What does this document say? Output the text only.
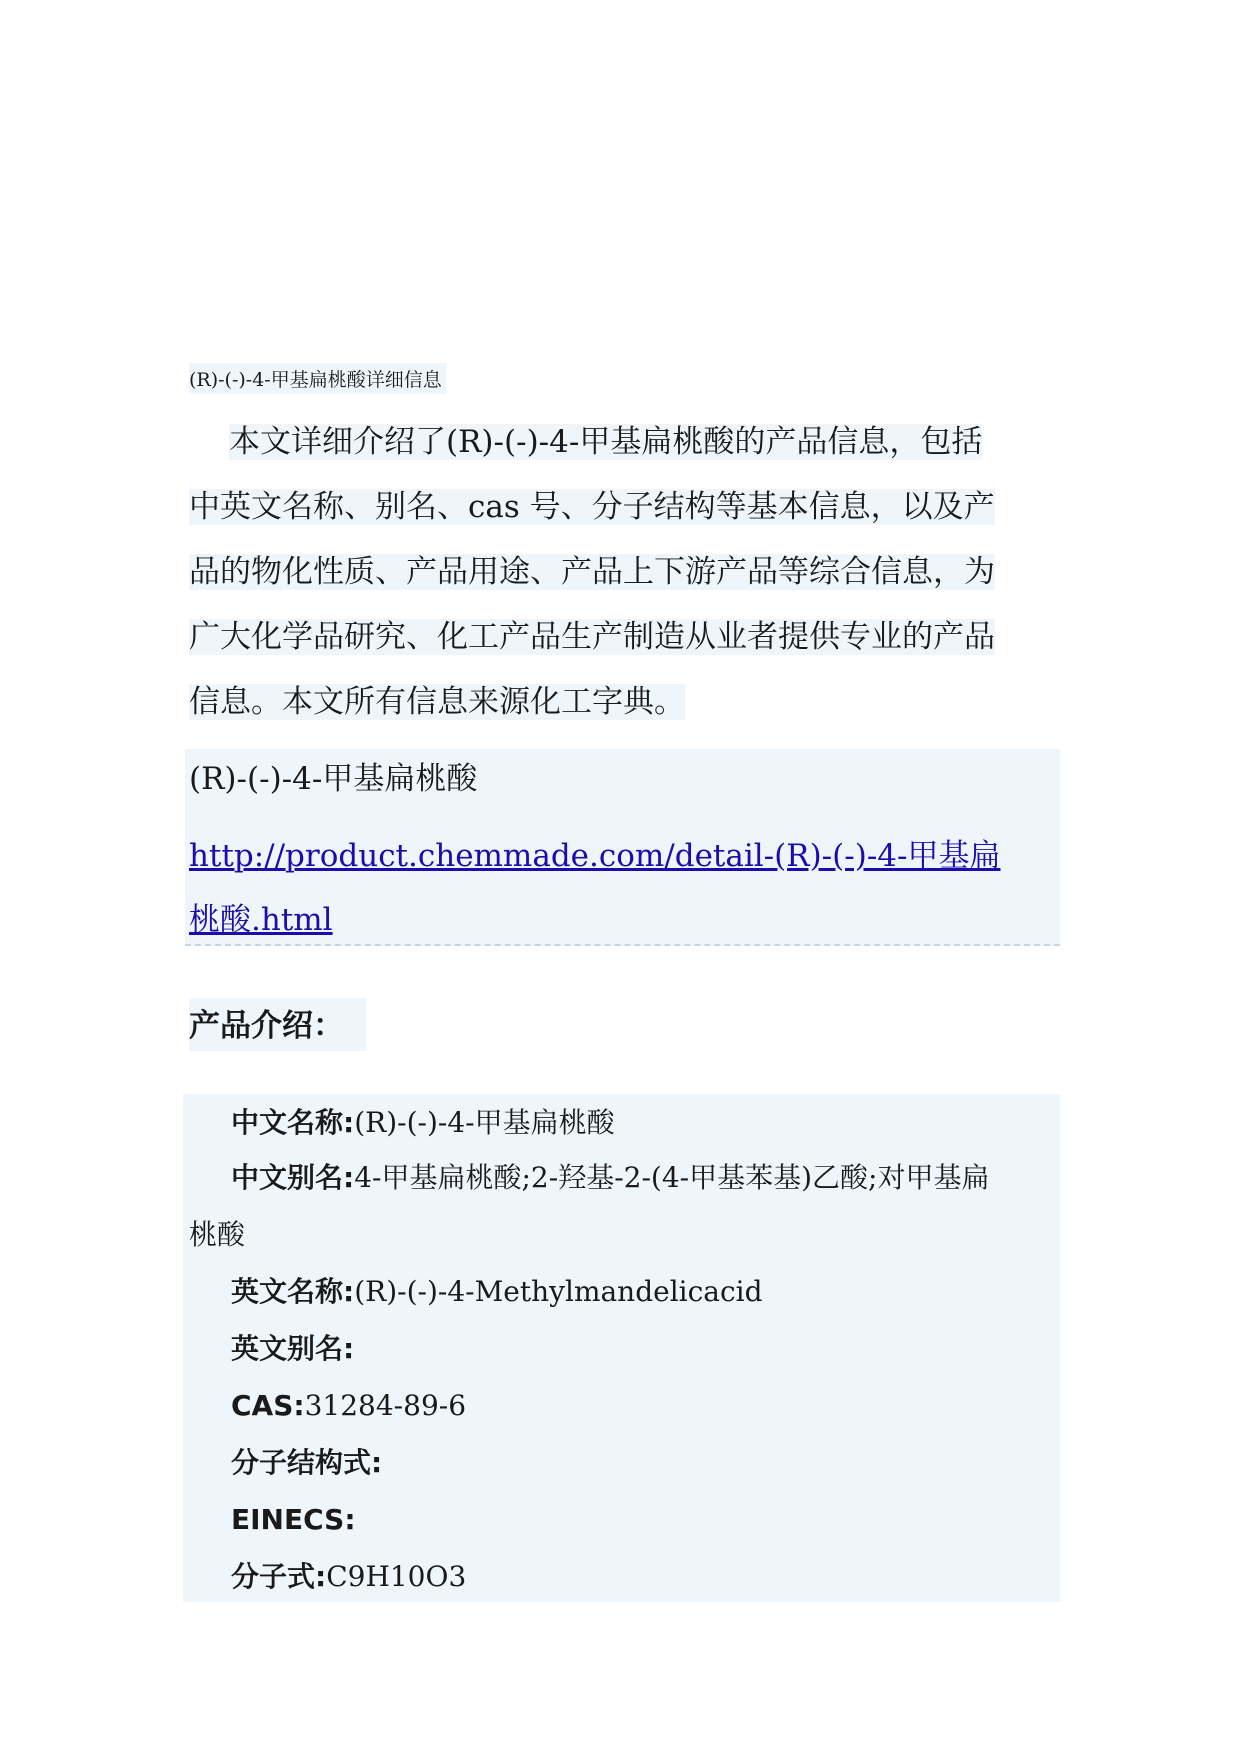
(R)-(-)-4-甲基扁桃酸详细信息
本文详细介绍了(R)-(-)-4-甲基扁桃酸的产品信息，包括
中英文名称、别名、cas 号、分子结构等基本信息，以及产
品的物化性质、产品用途、产品上下游产品等综合信息，为
广大化学品研究、化工产品生产制造从业者提供专业的产品
信息。本文所有信息来源化工字典。
(R)-(-)-4-甲基扁桃酸
http://product.chemmade.com/detail-(R)-(-)-4-甲基扁
桃酸.html
产品介绍：
中文名称:(R)-(-)-4-甲基扁桃酸
中文别名:4-甲基扁桃酸;2-羟基-2-(4-甲基苯基)乙酸;对甲基扁
桃酸
英文名称:(R)-(-)-4-Methylmandelicacid
英文别名:
CAS:31284-89-6
分子结构式:
EINECS:
分子式:C9H10O3
